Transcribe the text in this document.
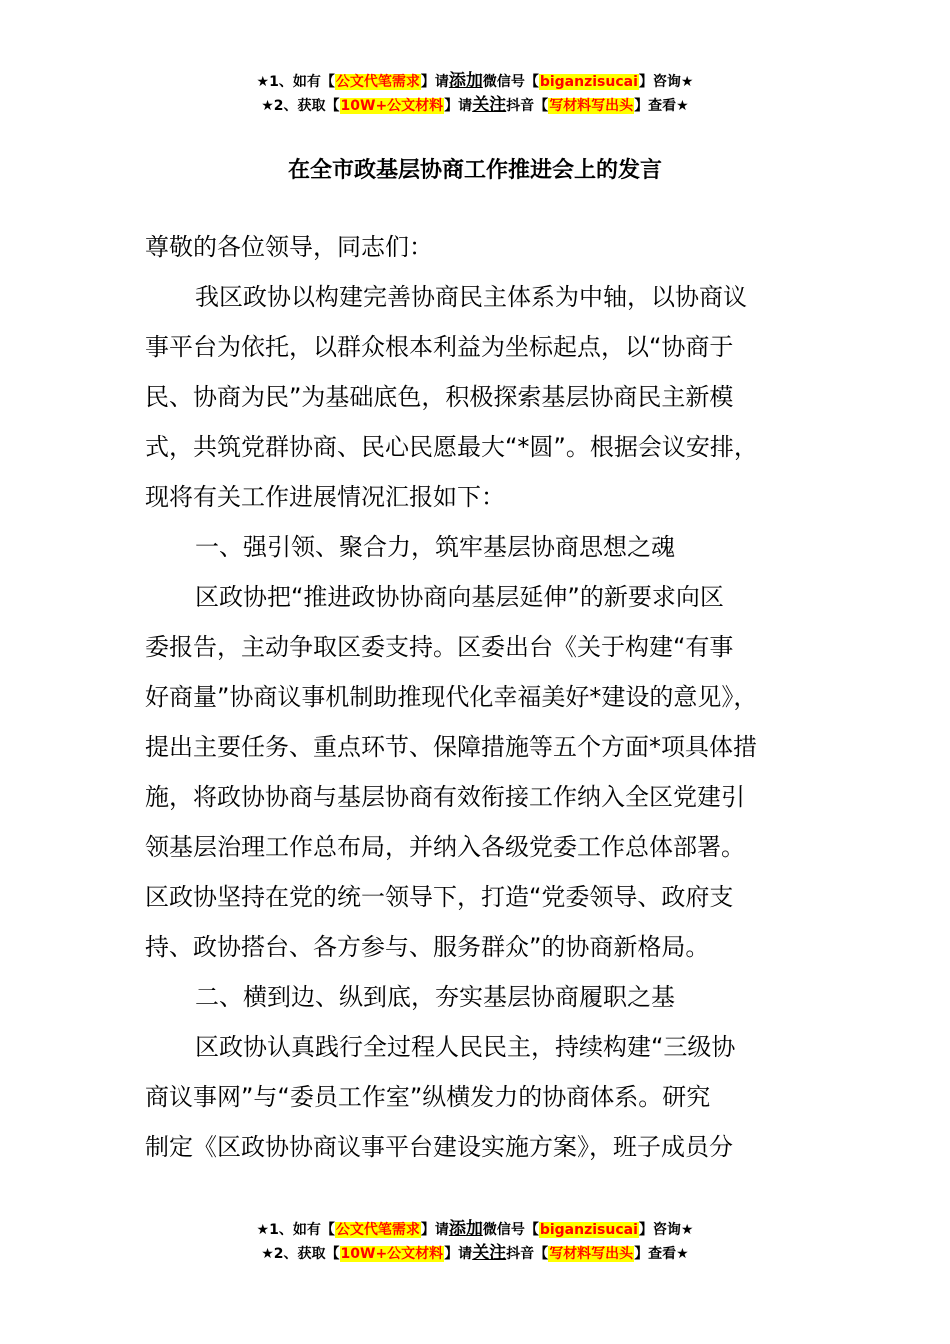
★1、如有【公文代笔需求】请添加微信号【biganzisucai】咨询★
★2、获取【10W+公文材料】请关注抖音【写材料写出头】查看★
在全市政基层协商工作推进会上的发言
尊敬的各位领导，同志们：
我区政协以构建完善协商民主体系为中轴，以协商议
事平台为依托，以群众根本利益为坐标起点，以“协商于
民、协商为民”为基础底色，积极探索基层协商民主新模
式，共筑党群协商、民心民愿最大“*圆”。根据会议安排，
现将有关工作进展情况汇报如下：
一、强引领、聚合力，筑牢基层协商思想之魂
区政协把“推进政协协商向基层延伸”的新要求向区
委报告，主动争取区委支持。区委出台《关于构建“有事
好商量”协商议事机制助推现代化幸福美好*建设的意见》，
提出主要任务、重点环节、保障措施等五个方面*项具体措
施，将政协协商与基层协商有效衔接工作纳入全区党建引
领基层治理工作总布局，并纳入各级党委工作总体部署。
区政协坚持在党的统一领导下，打造“党委领导、政府支
持、政协搭台、各方参与、服务群众”的协商新格局。
二、横到边、纵到底，夯实基层协商履职之基
区政协认真践行全过程人民民主，持续构建“三级协
商议事网”与“委员工作室”纵横发力的协商体系。研究
制定《区政协协商议事平台建设实施方案》，班子成员分
★1、如有【公文代笔需求】请添加微信号【biganzisucai】咨询★
★2、获取【10W+公文材料】请关注抖音【写材料写出头】查看★
